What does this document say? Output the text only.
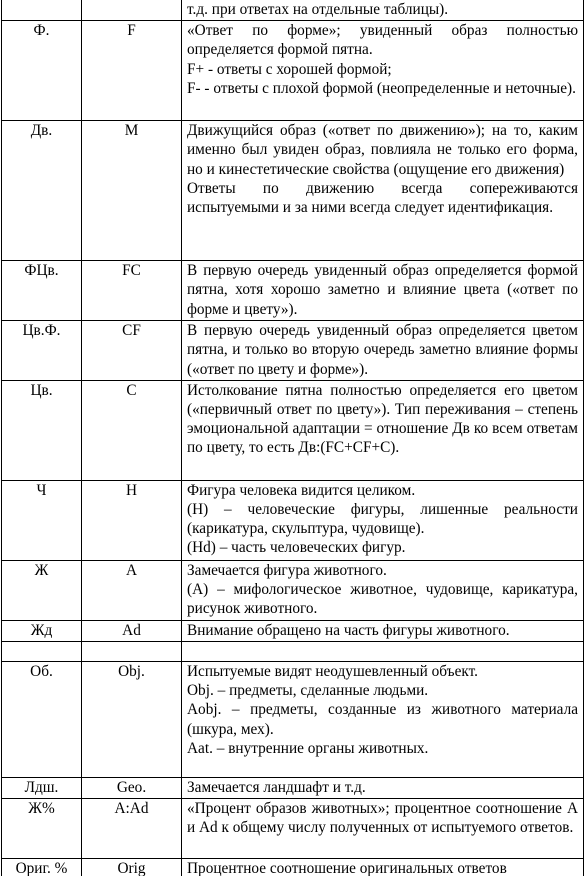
		т.д. при ответах на отдельные таблицы).

Ф.	F	«Ответ по форме»; увиденный образ полностью определяется формой пятна.
F+ - ответы с хорошей формой;
F- - ответы с плохой формой (неопределенные и неточные).

Дв.	M	Движущийся образ («ответ по движению»); на то, каким именно был увиден образ, повлияла не только его форма, но и кинестетические свойства (ощущение его движения)
Ответы по движению всегда сопереживаются испытуемыми и за ними всегда следует идентификация.

ФЦв.	FC	В первую очередь увиденный образ определяется формой пятна, хотя хорошо заметно и влияние цвета («ответ по форме и цвету»).

Цв.Ф.	CF	В первую очередь увиденный образ определяется цветом пятна, и только во вторую очередь заметно влияние формы («ответ по цвету и форме»).

Цв.	C	Истолкование пятна полностью определяется его цветом («первичный ответ по цвету»). Тип переживания – степень эмоциональной адаптации = отношение Дв ко всем ответам по цвету, то есть Дв:(FC+CF+C).

Ч	H	Фигура человека видится целиком.
(H) – человеческие фигуры, лишенные реальности (карикатура, скульптура, чудовище).
(Hd) – часть человеческих фигур.

Ж	A	Замечается фигура животного.
(A) – мифологическое животное, чудовище, карикатура, рисунок животного.

Жд	Ad	Внимание обращено на часть фигуры животного.

Об.	Obj.	Испытуемые видят неодушевленный объект.
Obj. – предметы, сделанные людьми.
Aobj. – предметы, созданные из животного материала (шкура, мех).
Aat. – внутренние органы животных.

Лдш.	Geo.	Замечается ландшафт и т.д.

Ж%	A:Ad	«Процент образов животных»; процентное соотношение A и Ad к общему числу полученных от испытуемого ответов.

Ориг. %	Orig	Процентное соотношение оригинальных ответов
